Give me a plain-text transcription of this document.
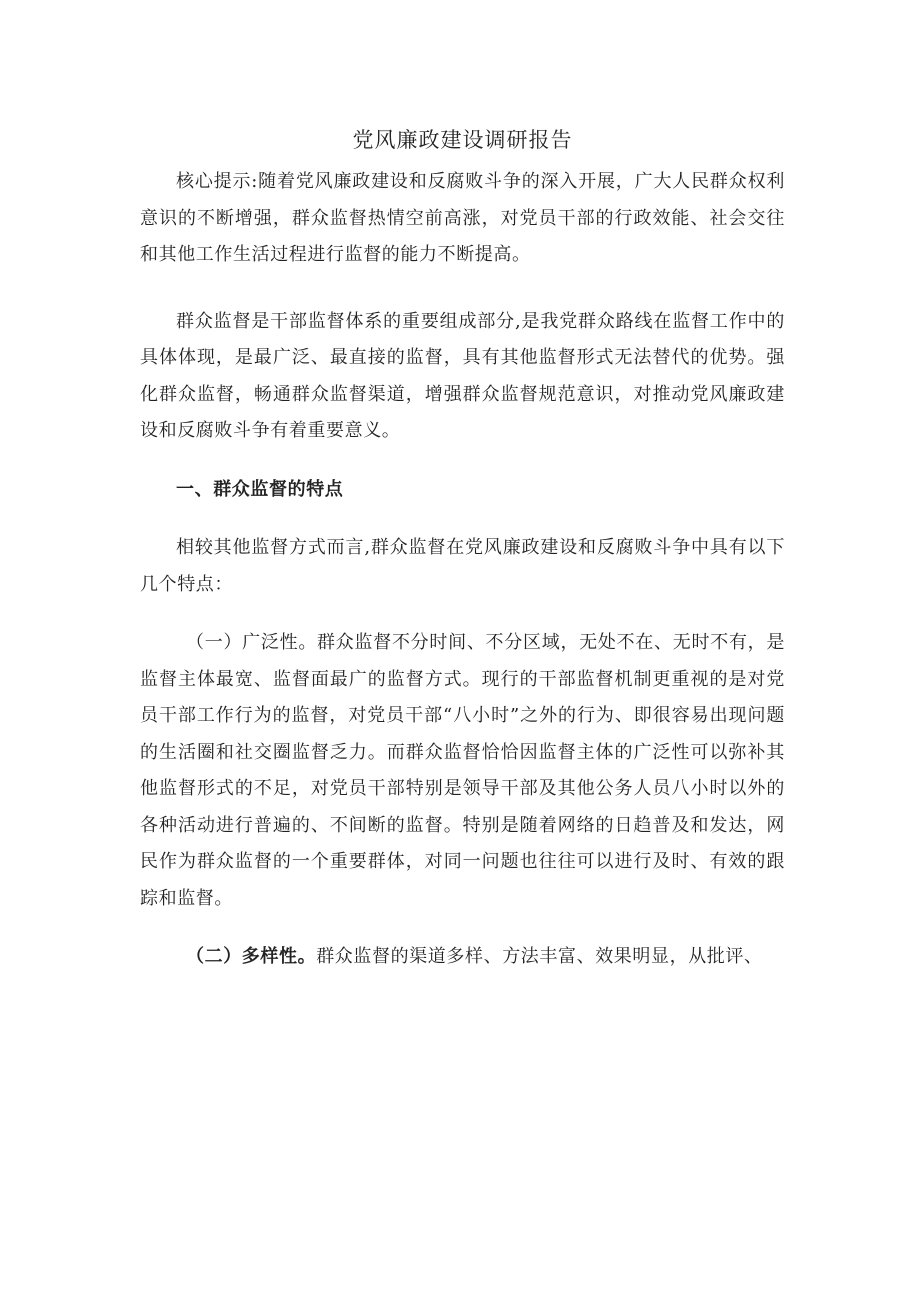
党风廉政建设调研报告

核心提示:随着党风廉政建设和反腐败斗争的深入开展，广大人民群众权利意识的不断增强，群众监督热情空前高涨，对党员干部的行政效能、社会交往和其他工作生活过程进行监督的能力不断提高。

群众监督是干部监督体系的重要组成部分,是我党群众路线在监督工作中的具体体现，是最广泛、最直接的监督，具有其他监督形式无法替代的优势。强化群众监督，畅通群众监督渠道，增强群众监督规范意识，对推动党风廉政建设和反腐败斗争有着重要意义。

一、群众监督的特点

相较其他监督方式而言,群众监督在党风廉政建设和反腐败斗争中具有以下几个特点：

（一）广泛性。群众监督不分时间、不分区域，无处不在、无时不有，是监督主体最宽、监督面最广的监督方式。现行的干部监督机制更重视的是对党员干部工作行为的监督，对党员干部“八小时”之外的行为、即很容易出现问题的生活圈和社交圈监督乏力。而群众监督恰恰因监督主体的广泛性可以弥补其他监督形式的不足，对党员干部特别是领导干部及其他公务人员八小时以外的各种活动进行普遍的、不间断的监督。特别是随着网络的日趋普及和发达，网民作为群众监督的一个重要群体，对同一问题也往往可以进行及时、有效的跟踪和监督。

（二）多样性。群众监督的渠道多样、方法丰富、效果明显，从批评、
